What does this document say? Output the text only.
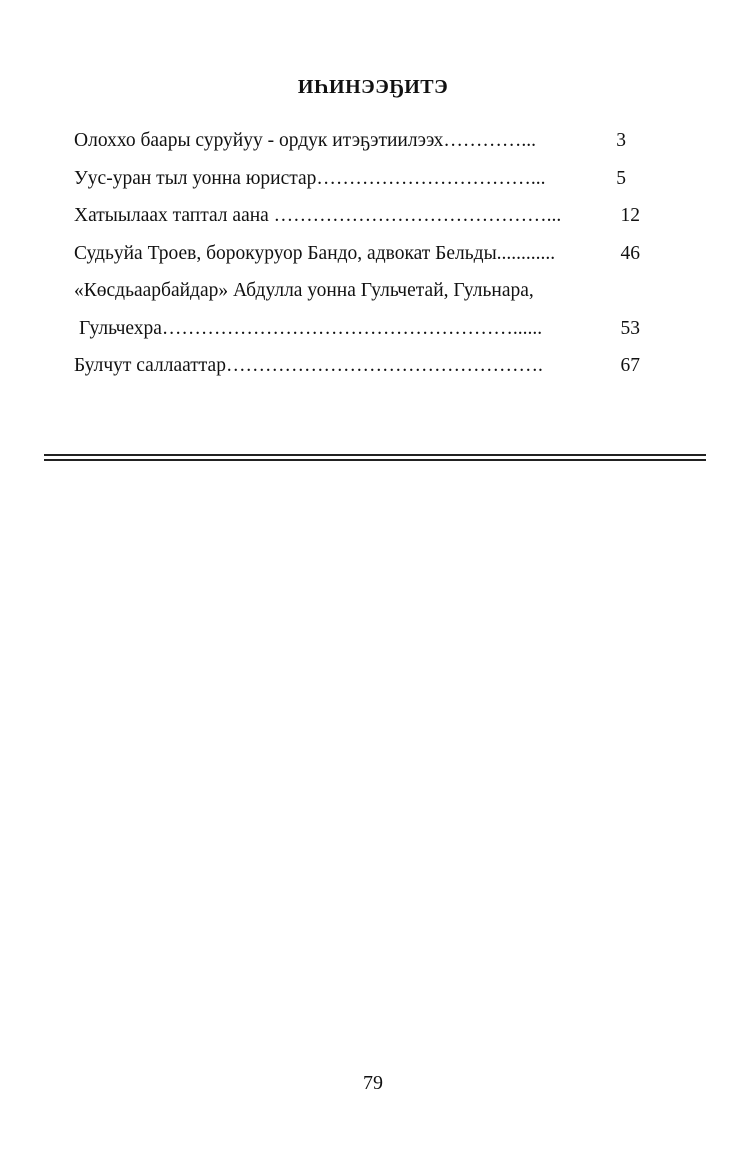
ИҺИНЭЭҔИТЭ
Олоххо баары суруйуу - ордук итэҕэтиилээх…………...	3
Уус-уран тыл уонна юристар……………………………...	5
Хатыылаах таптал аана ……………………………………...	12
Судьуйа Троев, борокуруор Бандо, адвокат Бельды............	46
«Көсдьаарбайдар» Абдулла уонна Гульчетай, Гульнара,
Гульчехра………………………………………………......	53
Булчут саллааттар………………………………………….	67
79
